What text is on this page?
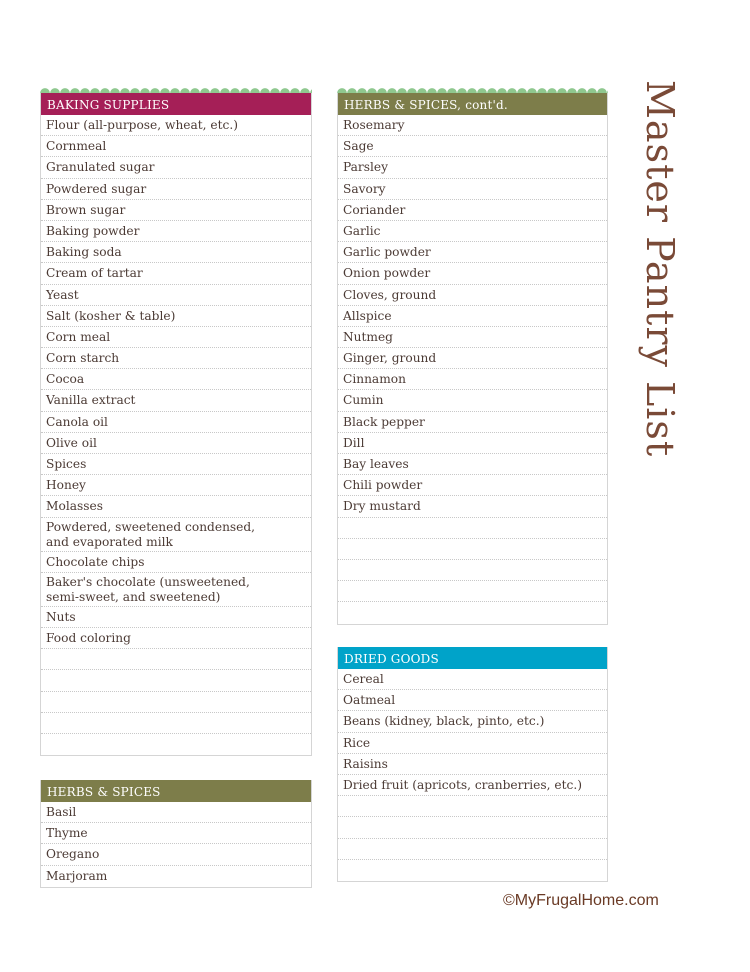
BAKING SUPPLIES
Flour (all-purpose, wheat, etc.)
Cornmeal
Granulated sugar
Powdered sugar
Brown sugar
Baking powder
Baking soda
Cream of tartar
Yeast
Salt (kosher & table)
Corn meal
Corn starch
Cocoa
Vanilla extract
Canola oil
Olive oil
Spices
Honey
Molasses
Powdered, sweetened condensed, and evaporated milk
Chocolate chips
Baker's chocolate (unsweetened, semi-sweet, and sweetened)
Nuts
Food coloring
HERBS & SPICES
Basil
Thyme
Oregano
Marjoram
HERBS & SPICES, cont'd.
Rosemary
Sage
Parsley
Savory
Coriander
Garlic
Garlic powder
Onion powder
Cloves, ground
Allspice
Nutmeg
Ginger, ground
Cinnamon
Cumin
Black pepper
Dill
Bay leaves
Chili powder
Dry mustard
DRIED GOODS
Cereal
Oatmeal
Beans (kidney, black, pinto, etc.)
Rice
Raisins
Dried fruit (apricots, cranberries, etc.)
Master Pantry List
©MyFrugalHome.com
